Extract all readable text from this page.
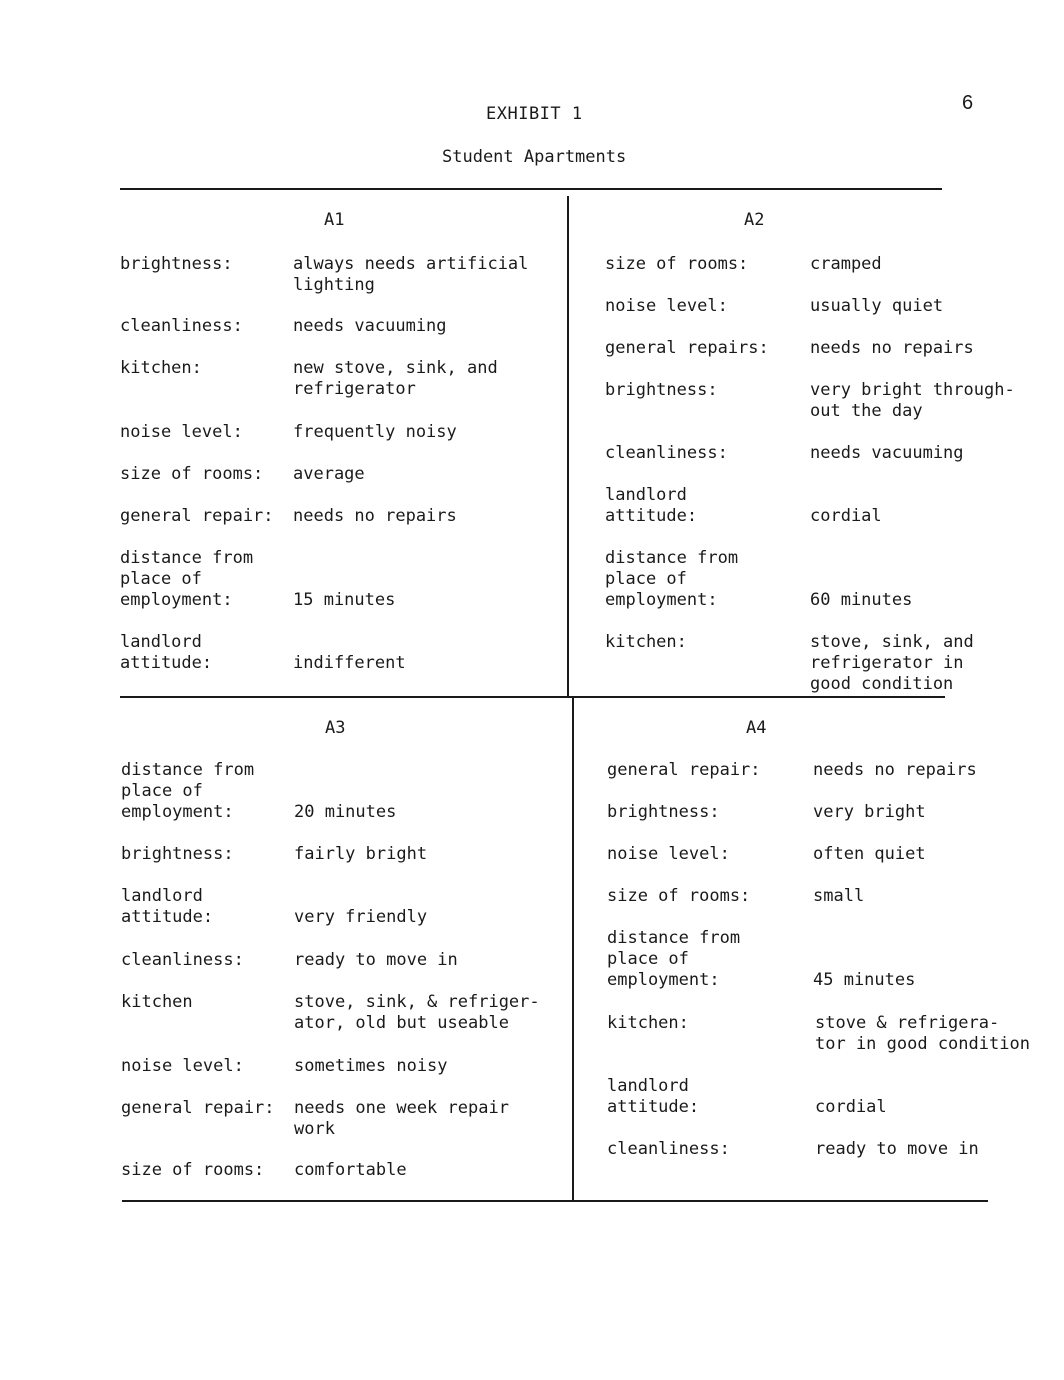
6
EXHIBIT 1
Student Apartments
A1
brightness:	always needs artificial
lighting
cleanliness:	needs vacuuming
kitchen:	new stove, sink, and
refrigerator
noise level:	frequently noisy
size of rooms: average
general repair: needs no repairs
distance from
place of
employment:	

15 minutes
landlord
attitude:	
indifferent
A2
size of rooms:	cramped
noise level:	usually quiet
general repairs: needs no repairs
brightness:	very bright through-
out the day
cleanliness:	needs vacuuming
landlord
attitude:	
cordial
distance from
place of
employment:	

60 minutes
kitchen:	stove, sink, and
refrigerator in
good condition
A3
distance from
place of
employment:	

20 minutes
brightness:	fairly bright
landlord
attitude:	
very friendly
cleanliness:	ready to move in
kitchen	stove, sink, & refriger-
ator, old but useable
noise level:	sometimes noisy
general repair: needs one week repair
work
size of rooms: comfortable
A4
general repair:	needs no repairs
brightness:	very bright
noise level:	often quiet
size of rooms:	small
distance from
place of
employment:	

45 minutes
kitchen:	stove & refrigera-
tor in good condition
landlord
attitude:	
cordial
cleanliness:	ready to move in
